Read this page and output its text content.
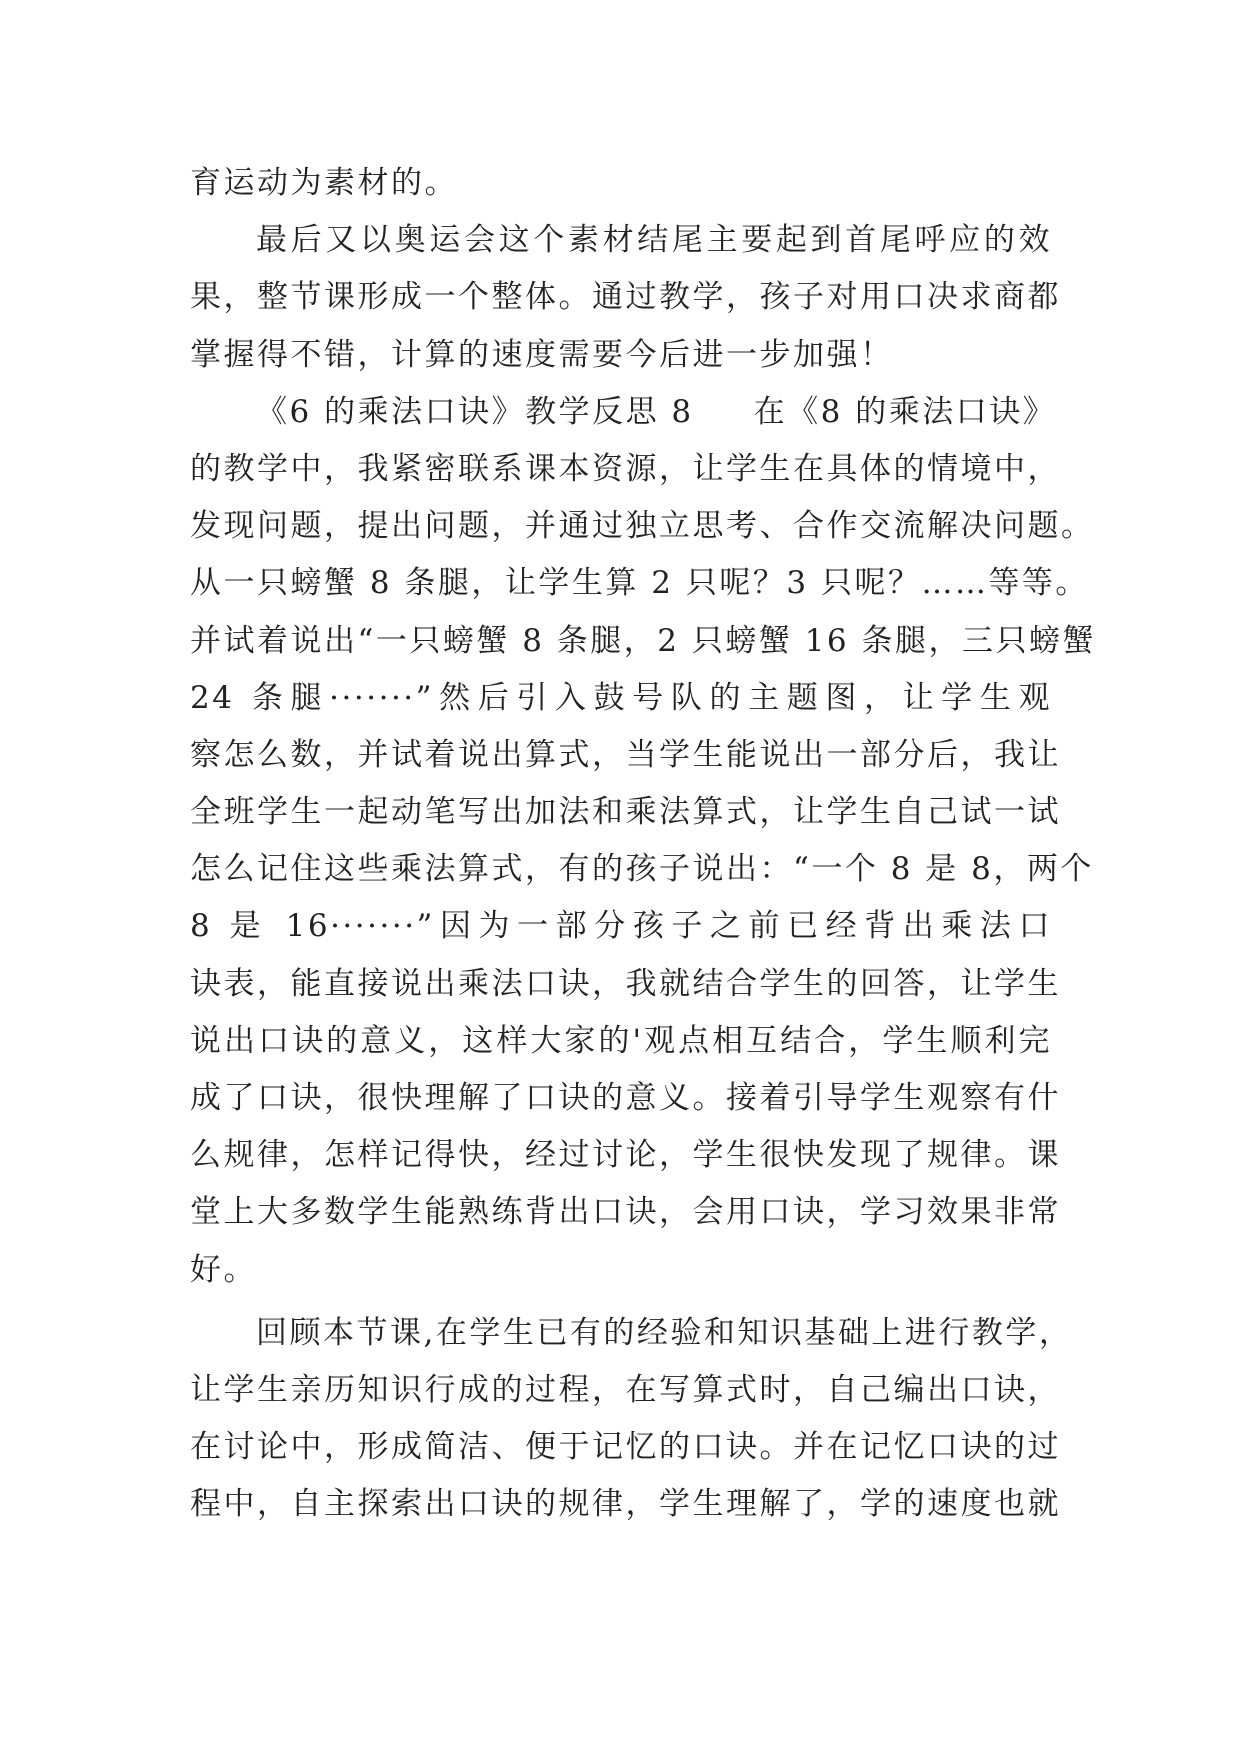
育运动为素材的。
最后又以奥运会这个素材结尾主要起到首尾呼应的效
果，整节课形成一个整体。通过教学，孩子对用口决求商都
掌握得不错，计算的速度需要今后进一步加强！
《6 的乘法口诀》教学反思 8 在《8 的乘法口诀》
的教学中，我紧密联系课本资源，让学生在具体的情境中，
发现问题，提出问题，并通过独立思考、合作交流解决问题。
从一只螃蟹 8 条腿，让学生算 2 只呢？3 只呢？……等等。
并试着说出“一只螃蟹 8 条腿，2 只螃蟹 16 条腿，三只螃蟹
24 条腿·······”然后引入鼓号队的主题图，让学生观
察怎么数，并试着说出算式，当学生能说出一部分后，我让
全班学生一起动笔写出加法和乘法算式，让学生自己试一试
怎么记住这些乘法算式，有的孩子说出：“一个 8 是 8，两个
8 是 16·······”因为一部分孩子之前已经背出乘法口
诀表，能直接说出乘法口诀，我就结合学生的回答，让学生
说出口诀的意义，这样大家的'观点相互结合，学生顺利完
成了口诀，很快理解了口诀的意义。接着引导学生观察有什
么规律，怎样记得快，经过讨论，学生很快发现了规律。课
堂上大多数学生能熟练背出口诀，会用口诀，学习效果非常
好。
回顾本节课,在学生已有的经验和知识基础上进行教学，
让学生亲历知识行成的过程，在写算式时，自己编出口诀，
在讨论中，形成简洁、便于记忆的口诀。并在记忆口诀的过
程中，自主探索出口诀的规律，学生理解了，学的速度也就
